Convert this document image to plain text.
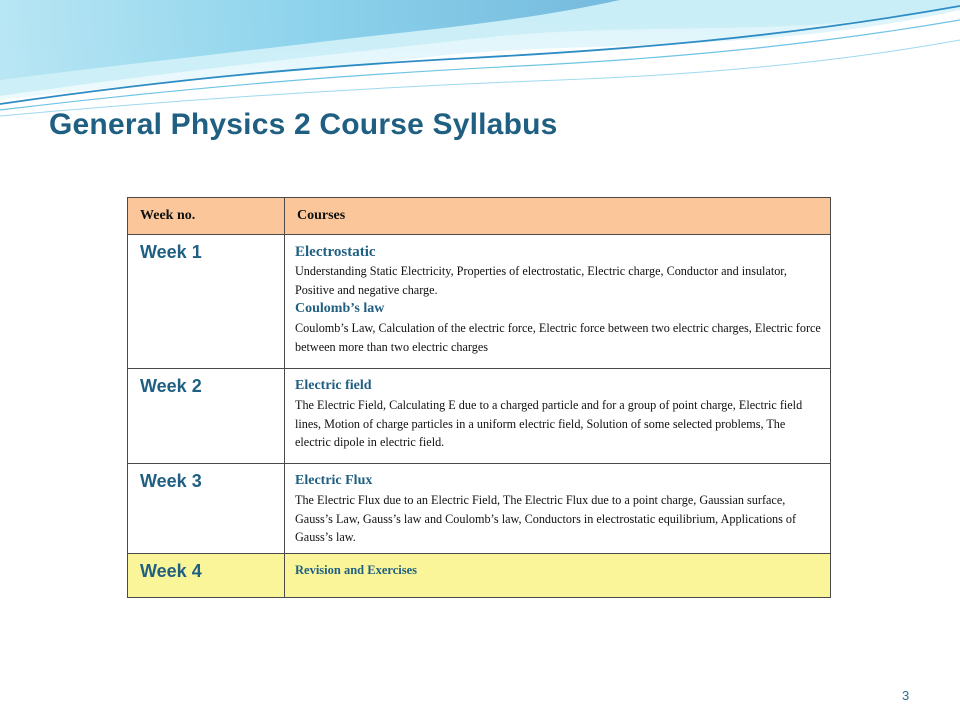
General Physics 2 Course Syllabus
Week no.	Courses
Week 1	Electrostatic
Understanding Static Electricity, Properties of electrostatic, Electric charge, Conductor and insulator, Positive and negative charge.
Coulomb’s law
Coulomb’s Law, Calculation of the electric force, Electric force between two electric charges, Electric force between more than two electric charges

Week 2	Electric field
The Electric Field, Calculating E due to a charged particle and for a group of point charge, Electric field lines, Motion of charge particles in a uniform electric field, Solution of some selected problems, The electric dipole in electric field.

Week 3	Electric Flux
The Electric Flux due to an Electric Field, The Electric Flux due to a point charge, Gaussian surface, Gauss’s Law, Gauss’s law and Coulomb’s law, Conductors in electrostatic equilibrium, Applications of Gauss’s law.

Week 4	Revision and Exercises
3
